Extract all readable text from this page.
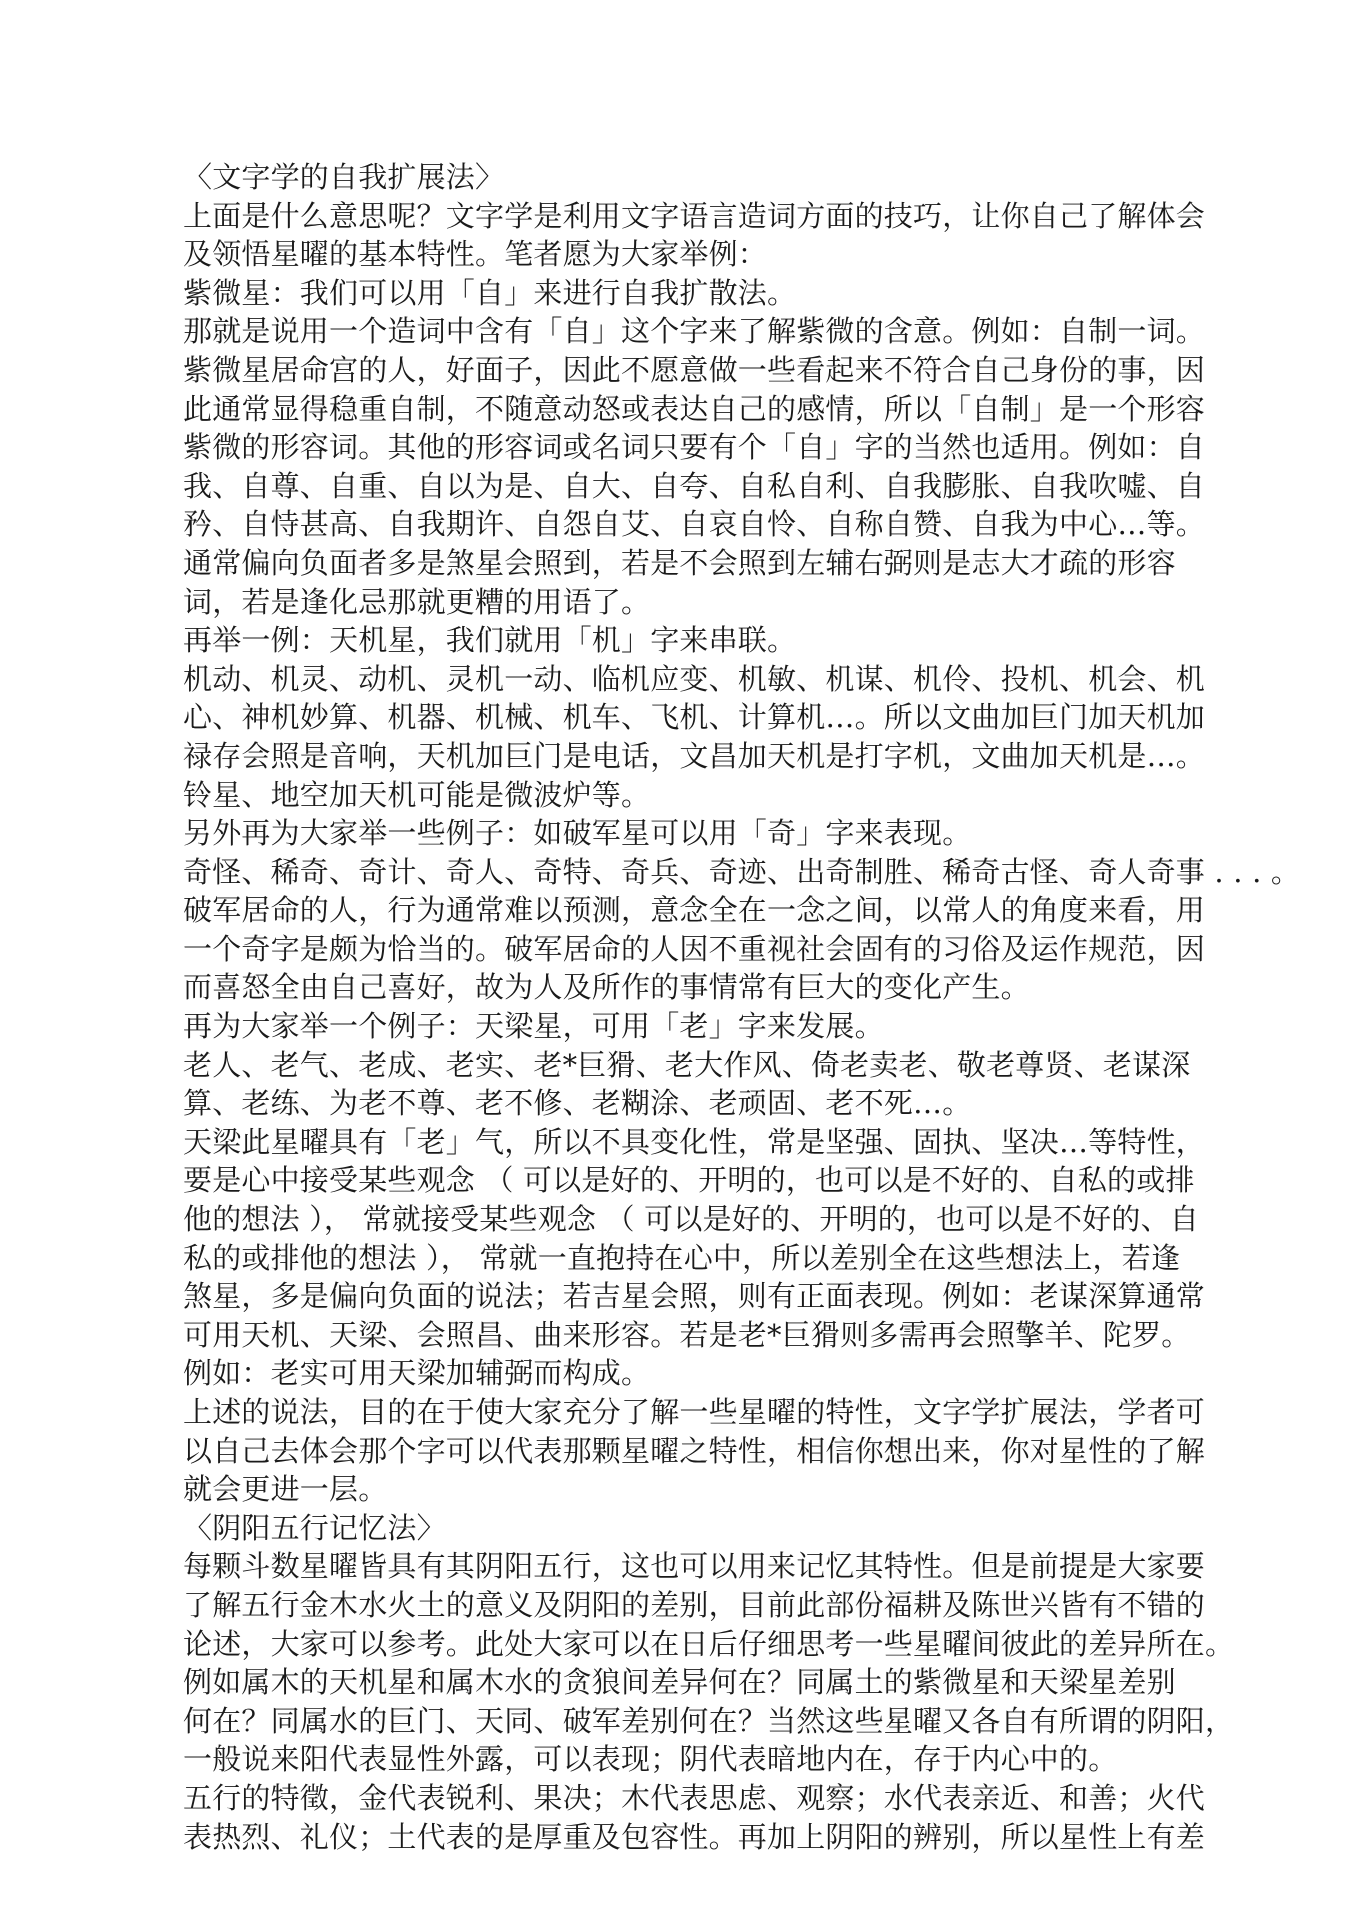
〈文字学的自我扩展法〉
上面是什么意思呢？文字学是利用文字语言造词方面的技巧，让你自己了解体会
及领悟星曜的基本特性。笔者愿为大家举例：
紫微星：我们可以用「自」来进行自我扩散法。
那就是说用一个造词中含有「自」这个字来了解紫微的含意。例如：自制一词。
紫微星居命宫的人，好面子，因此不愿意做一些看起来不符合自己身份的事，因
此通常显得稳重自制，不随意动怒或表达自己的感情，所以「自制」是一个形容
紫微的形容词。其他的形容词或名词只要有个「自」字的当然也适用。例如：自
我、自尊、自重、自以为是、自大、自夸、自私自利、自我膨胀、自我吹嘘、自
矜、自恃甚高、自我期许、自怨自艾、自哀自怜、自称自赞、自我为中心…等。
通常偏向负面者多是煞星会照到，若是不会照到左辅右弼则是志大才疏的形容
词，若是逢化忌那就更糟的用语了。
再举一例：天机星，我们就用「机」字来串联。
机动、机灵、动机、灵机一动、临机应变、机敏、机谋、机伶、投机、机会、机
心、神机妙算、机器、机械、机车、飞机、计算机…。所以文曲加巨门加天机加
禄存会照是音响，天机加巨门是电话，文昌加天机是打字机，文曲加天机是…。
铃星、地空加天机可能是微波炉等。
另外再为大家举一些例子：如破军星可以用「奇」字来表现。
奇怪、稀奇、奇计、奇人、奇特、奇兵、奇迹、出奇制胜、稀奇古怪、奇人奇事 . . . 。
破军居命的人，行为通常难以预测，意念全在一念之间，以常人的角度来看，用
一个奇字是颇为恰当的。破军居命的人因不重视社会固有的习俗及运作规范，因
而喜怒全由自己喜好，故为人及所作的事情常有巨大的变化产生。
再为大家举一个例子：天梁星，可用「老」字来发展。
老人、老气、老成、老实、老*巨猾、老大作风、倚老卖老、敬老尊贤、老谋深
算、老练、为老不尊、老不修、老糊涂、老顽固、老不死…。
天梁此星曜具有「老」气，所以不具变化性，常是坚强、固执、坚决…等特性，
要是心中接受某些观念 （ 可以是好的、开明的，也可以是不好的、自私的或排
他的想法 ）， 常就接受某些观念 （ 可以是好的、开明的，也可以是不好的、自
私的或排他的想法 ）， 常就一直抱持在心中，所以差别全在这些想法上，若逢
煞星，多是偏向负面的说法；若吉星会照，则有正面表现。例如：老谋深算通常
可用天机、天梁、会照昌、曲来形容。若是老*巨猾则多需再会照擎羊、陀罗。
例如：老实可用天梁加辅弼而构成。
上述的说法，目的在于使大家充分了解一些星曜的特性，文字学扩展法，学者可
以自己去体会那个字可以代表那颗星曜之特性，相信你想出来，你对星性的了解
就会更进一层。
〈阴阳五行记忆法〉
每颗斗数星曜皆具有其阴阳五行，这也可以用来记忆其特性。但是前提是大家要
了解五行金木水火土的意义及阴阳的差别，目前此部份福耕及陈世兴皆有不错的
论述，大家可以参考。此处大家可以在日后仔细思考一些星曜间彼此的差异所在。
例如属木的天机星和属木水的贪狼间差异何在？同属土的紫微星和天梁星差别
何在？同属水的巨门、天同、破军差别何在？当然这些星曜又各自有所谓的阴阳，
一般说来阳代表显性外露，可以表现；阴代表暗地内在，存于内心中的。
五行的特徵，金代表锐利、果决；木代表思虑、观察；水代表亲近、和善；火代
表热烈、礼仪；土代表的是厚重及包容性。再加上阴阳的辨别，所以星性上有差
